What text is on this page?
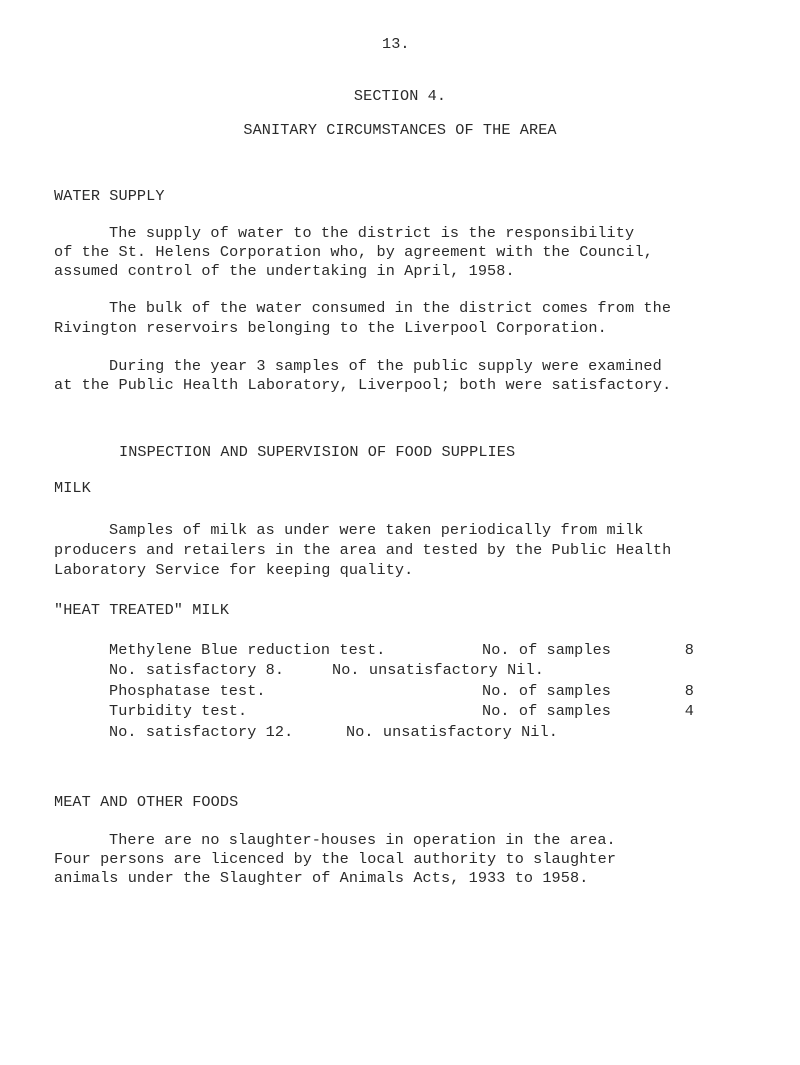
13.
SECTION 4.
SANITARY CIRCUMSTANCES OF THE AREA
WATER SUPPLY
The supply of water to the district is the responsibility
of the St. Helens Corporation who, by agreement with the Council,
assumed control of the undertaking in April, 1958.
The bulk of the water consumed in the district comes from the
Rivington reservoirs belonging to the Liverpool Corporation.
During the year 3 samples of the public supply were examined
at the Public Health Laboratory, Liverpool; both were satisfactory.
INSPECTION AND SUPERVISION OF FOOD SUPPLIES
MILK
Samples of milk as under were taken periodically from milk
producers and retailers in the area and tested by the Public Health
Laboratory Service for keeping quality.
"HEAT TREATED" MILK
Methylene Blue reduction test.	No. of samples	8
No. satisfactory 8.	No. unsatisfactory Nil.
Phosphatase test.	No. of samples	8
Turbidity test.	No. of samples	4
No. satisfactory 12.	No. unsatisfactory Nil.
MEAT AND OTHER FOODS
There are no slaughter-houses in operation in the area.
Four persons are licenced by the local authority to slaughter
animals under the Slaughter of Animals Acts, 1933 to 1958.
